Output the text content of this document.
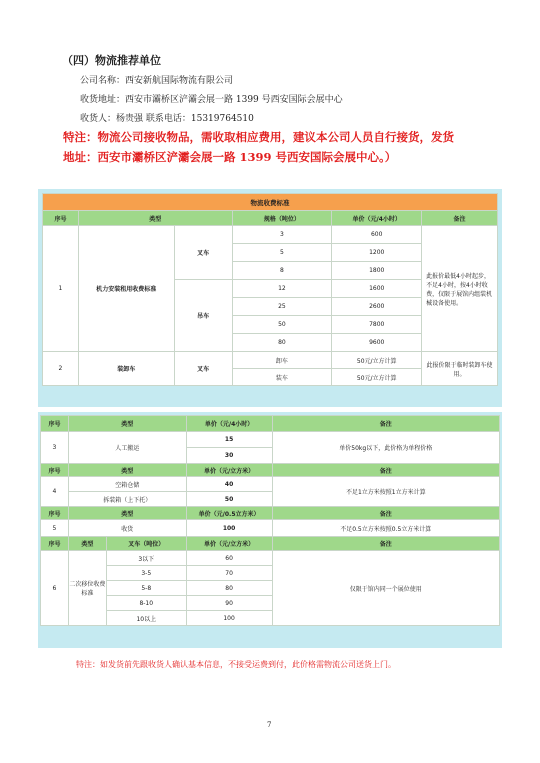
（四）物流推荐单位
公司名称：西安新航国际物流有限公司
收货地址：西安市灞桥区浐灞会展一路 1399 号西安国际会展中心
收货人：杨贵强 联系电话：15319764510
特注：物流公司接收物品，需收取相应费用，建议本公司人员自行接货，发货
地址：西安市灞桥区浐灞会展一路 1399 号西安国际会展中心。）
物流收费标准					
序号	类型		规格（吨位）	单价（元/4小时）	备注
1	机力安装租用收费标准	叉车	3	600	此报价最低4小时起步，不足4小时，按4小时收费，仅限于展馆内组装机械设备使用。
			5	1200	
			8	1800	
		吊车	12	1600	
			25	2600	
			50	7800	
			80	9600	
2	装卸车	叉车	卸车	50元/立方计算	此报价限于临时装卸车使用。
			装车	50元/立方计算	
序号	类型		单价（元/4小时）	备注
3	人工搬运		15	单价50kg以下，此价格为单程价格
			30	
序号	类型		单价（元/立方米）	备注
4	空箱仓储		40	不足1立方米按照1立方米计算
	拆装箱（上下托）		50	
序号	类型		单价（元/0.5立方米）	备注
5	收货		100	不足0.5立方米按照0.5立方米计算
序号	类型	叉车（吨位）	单价（元/立方米）	备注
6	二次移位收费标准	3以下	60	仅限于馆内同一个展位使用
		3-5	70	
		5-8	80	
		8-10	90	
		10以上	100	
特注：如发货前先跟收货人确认基本信息，不接受运费到付，此价格需物流公司送货上门。
7
